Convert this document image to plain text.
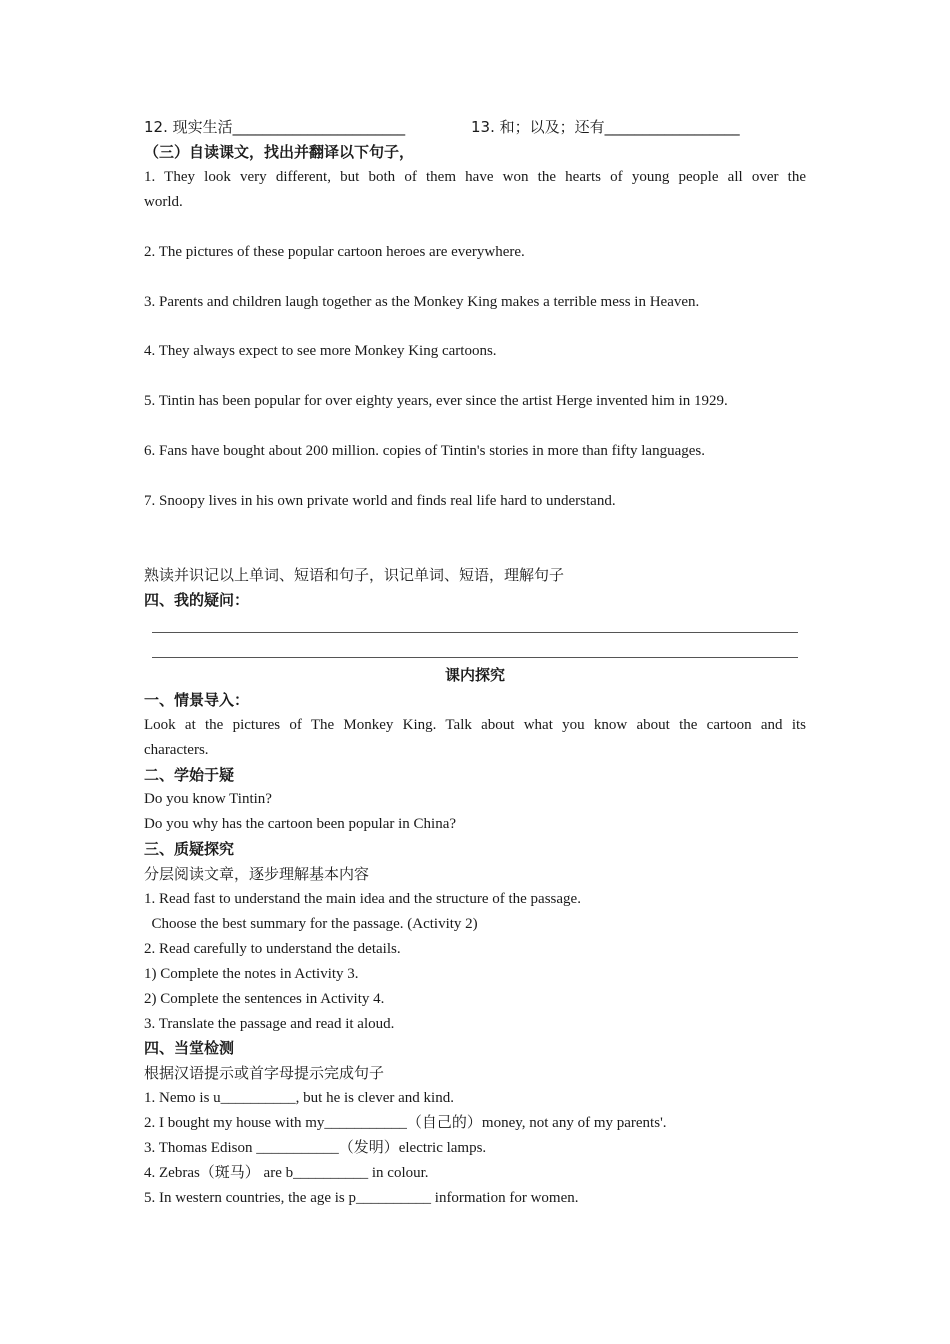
12. 现实生活_______________________	13. 和；以及；还有__________________
（三）自读课文，找出并翻译以下句子，
1. They look very different, but both of them have won the hearts of young people all over the
world.
2. The pictures of these popular cartoon heroes are everywhere.
3. Parents and children laugh together as the Monkey King makes a terrible mess in Heaven.
4. They always expect to see more Monkey King cartoons.
5. Tintin has been popular for over eighty years, ever since the artist Herge invented him in 1929.
6. Fans have bought about 200 million. copies of Tintin's stories in more than fifty languages.
7. Snoopy lives in his own private world and finds real life hard to understand.
熟读并识记以上单词、短语和句子，识记单词、短语，理解句子
四、我的疑问：
课内探究
一、情景导入：
Look at the pictures of The Monkey King. Talk about what you know about the cartoon and its
characters.
二、学始于疑
Do you know Tintin?
Do you why has the cartoon been popular in China?
三、质疑探究
分层阅读文章，逐步理解基本内容
1. Read fast to understand the main idea and the structure of the passage.
Choose the best summary for the passage. (Activity 2)
2. Read carefully to understand the details.
1) Complete the notes in Activity 3.
2) Complete the sentences in Activity 4.
3. Translate the passage and read it aloud.
四、当堂检测
根据汉语提示或首字母提示完成句子
1. Nemo is u__________, but he is clever and kind.
2. I bought my house with my___________（自己的）money, not any of my parents'.
3. Thomas Edison ___________（发明）electric lamps.
4. Zebras（斑马） are b__________ in colour.
5. In western countries, the age is p__________ information for women.
